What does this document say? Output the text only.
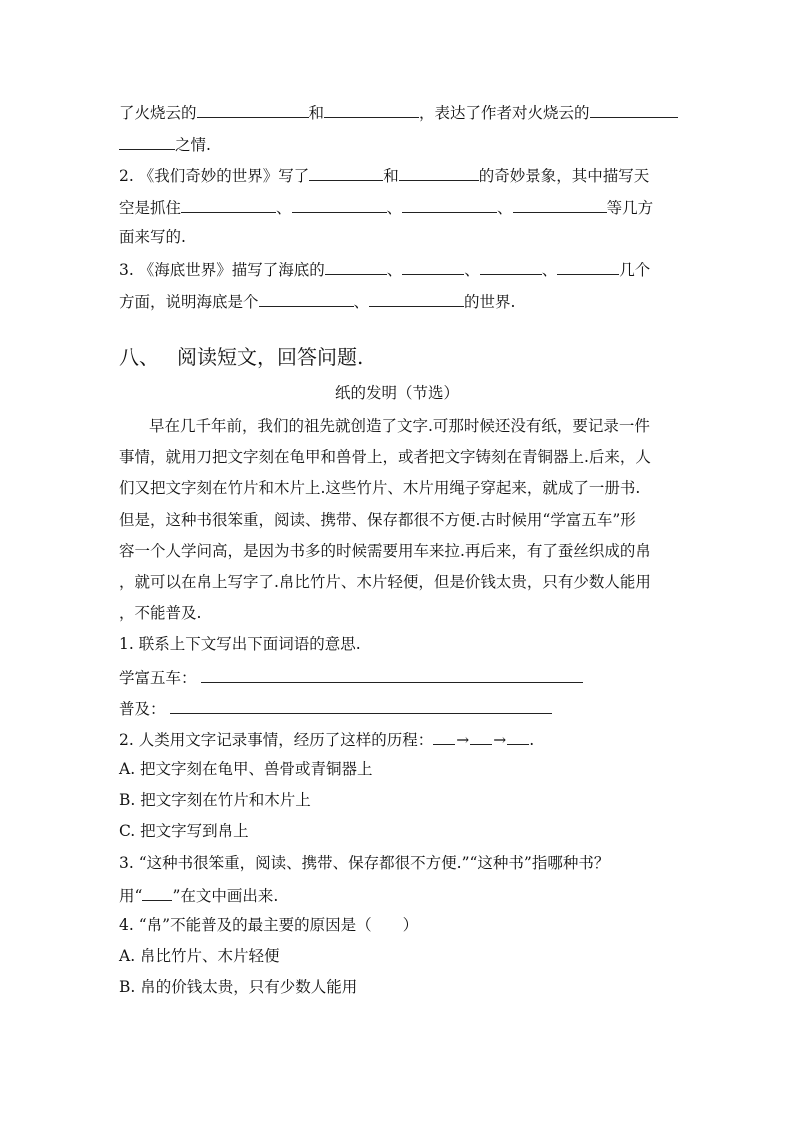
了火烧云的	和	，表达了作者对火烧云的
之情.
2. 《我们奇妙的世界》写了	和	的奇妙景象，其中描写天
空是抓住	、	、	、	等几方
面来写的.
3. 《海底世界》描写了海底的	、	、	、	几个
方面，说明海底是个	、	的世界.
八、 阅读短文，回答问题.
纸的发明（节选）
早在几千年前，我们的祖先就创造了文字.可那时候还没有纸，要记录一件
事情，就用刀把文字刻在龟甲和兽骨上，或者把文字铸刻在青铜器上.后来，人
们又把文字刻在竹片和木片上.这些竹片、木片用绳子穿起来，就成了一册书.
但是，这种书很笨重，阅读、携带、保存都很不方便.古时候用“学富五车”形
容一个人学问高，是因为书多的时候需要用车来拉.再后来，有了蚕丝织成的帛
，就可以在帛上写字了.帛比竹片、木片轻便，但是价钱太贵，只有少数人能用
，不能普及.
1. 联系上下文写出下面词语的意思.
学富五车：
普及：
2. 人类用文字记录事情，经历了这样的历程： → → .
A. 把文字刻在龟甲、兽骨或青铜器上
B. 把文字刻在竹片和木片上
C. 把文字写到帛上
3. “这种书很笨重，阅读、携带、保存都很不方便.”“这种书”指哪种书？
用“ ”在文中画出来.
4. “帛”不能普及的最主要的原因是（　　）
A. 帛比竹片、木片轻便
B. 帛的价钱太贵，只有少数人能用
